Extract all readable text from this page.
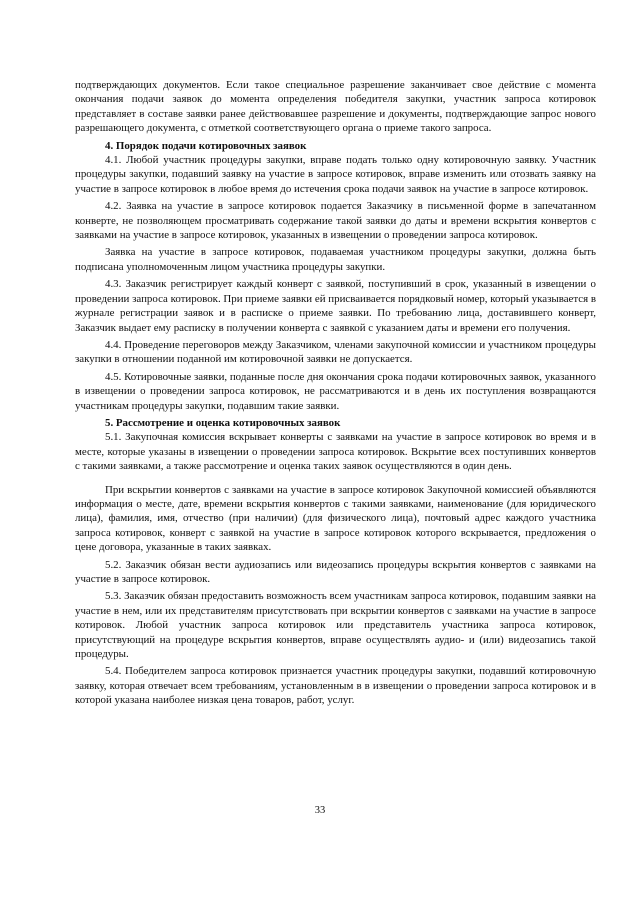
подтверждающих документов. Если такое специальное разрешение заканчивает свое действие с момента окончания подачи заявок до момента определения победителя закупки, участник запроса котировок представляет в составе заявки ранее действовавшее разрешение и документы, подтверждающие запрос нового разрешающего документа, с отметкой соответствующего органа о приеме такого запроса.

4. Порядок подачи котировочных заявок

4.1. Любой участник процедуры закупки, вправе подать только одну котировочную заявку. Участник процедуры закупки, подавший заявку на участие в запросе котировок, вправе изменить или отозвать заявку на участие в запросе котировок в любое время до истечения срока подачи заявок на участие в запросе котировок.

4.2. Заявка на участие в запросе котировок подается Заказчику в письменной форме в запечатанном конверте, не позволяющем просматривать содержание такой заявки до даты и времени вскрытия конвертов с заявками на участие в запросе котировок, указанных в извещении о проведении запроса котировок.

Заявка на участие в запросе котировок, подаваемая участником процедуры закупки, должна быть подписана уполномоченным лицом участника процедуры закупки.

4.3. Заказчик регистрирует каждый конверт с заявкой, поступивший в срок, указанный в извещении о проведении запроса котировок. При приеме заявки ей присваивается порядковый номер, который указывается в журнале регистрации заявок и в расписке о приеме заявки. По требованию лица, доставившего конверт, Заказчик выдает ему расписку в получении конверта с заявкой с указанием даты и времени его получения.

4.4. Проведение переговоров между Заказчиком, членами закупочной комиссии и участником процедуры закупки в отношении поданной им котировочной заявки не допускается.

4.5. Котировочные заявки, поданные после дня окончания срока подачи котировочных заявок, указанного в извещении о проведении запроса котировок, не рассматриваются и в день их поступления возвращаются участникам процедуры закупки, подавшим такие заявки.

5. Рассмотрение и оценка котировочных заявок

5.1. Закупочная комиссия вскрывает конверты с заявками на участие в запросе котировок во время и в месте, которые указаны в извещении о проведении запроса котировок. Вскрытие всех поступивших конвертов с такими заявками, а также рассмотрение и оценка таких заявок осуществляются в один день.

При вскрытии конвертов с заявками на участие в запросе котировок Закупочной комиссией объявляются информация о месте, дате, времени вскрытия конвертов с такими заявками, наименование (для юридического лица), фамилия, имя, отчество (при наличии) (для физического лица), почтовый адрес каждого участника запроса котировок, конверт с заявкой на участие в запросе котировок которого вскрывается, предложения о цене договора, указанные в таких заявках.

5.2. Заказчик обязан вести аудиозапись или видеозапись процедуры вскрытия конвертов с заявками на участие в запросе котировок.

5.3. Заказчик обязан предоставить возможность всем участникам запроса котировок, подавшим заявки на участие в нем, или их представителям присутствовать при вскрытии конвертов с заявками на участие в запросе котировок. Любой участник запроса котировок или представитель участника запроса котировок, присутствующий на процедуре вскрытия конвертов, вправе осуществлять аудио- и (или) видеозапись такой процедуры.

5.4. Победителем запроса котировок признается участник процедуры закупки, подавший котировочную заявку, которая отвечает всем требованиям, установленным в в извещении о проведении запроса котировок и в которой указана наиболее низкая цена товаров, работ, услуг.

33
